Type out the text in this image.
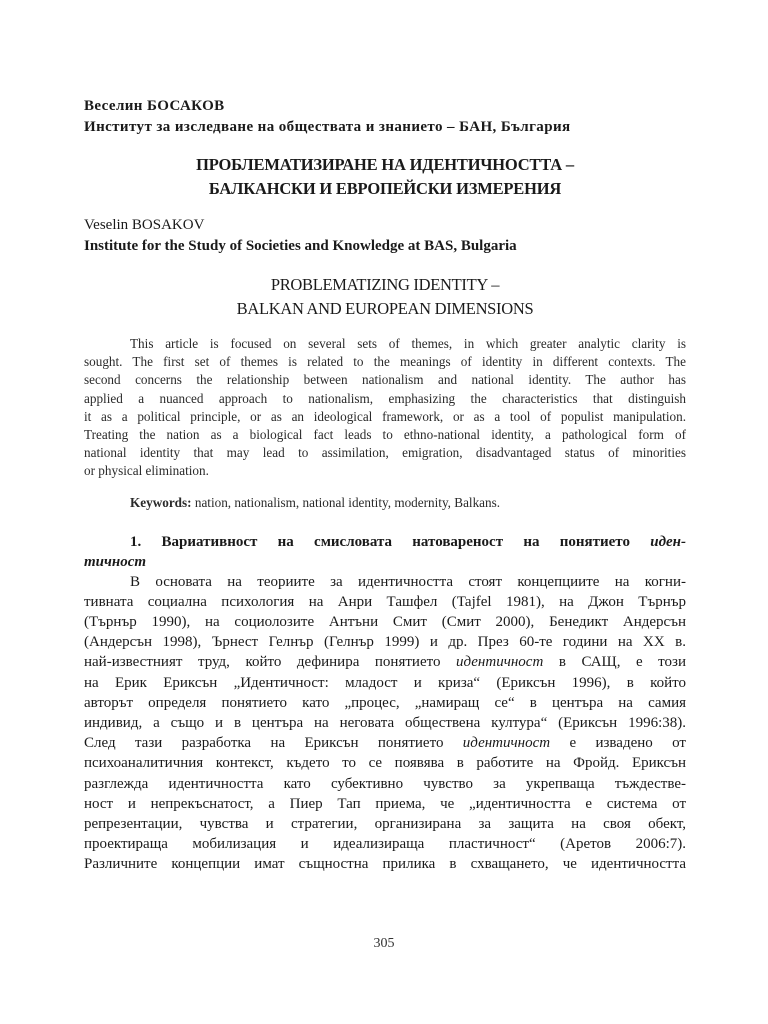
Веселин БОСАКОВ
Институт за изследване на обществата и знанието – БАН, България
ПРОБЛЕМАТИЗИРАНЕ НА ИДЕНТИЧНОСТТА –
БАЛКАНСКИ И ЕВРОПЕЙСКИ ИЗМЕРЕНИЯ
Veselin BOSAKOV
Institute for the Study of Societies and Knowledge at BAS, Bulgaria
PROBLEMATIZING IDENTITY –
BALKAN AND EUROPEAN DIMENSIONS
This article is focused on several sets of themes, in which greater analytic clarity is
sought. The first set of themes is related to the meanings of identity in different contexts. The
second concerns the relationship between nationalism and national identity. The author has
applied a nuanced approach to nationalism, emphasizing the characteristics that distinguish
it as a political principle, or as an ideological framework, or as a tool of populist manipulation.
Treating the nation as a biological fact leads to ethno-national identity, a pathological form of
national identity that may lead to assimilation, emigration, disadvantaged status of minorities
or physical elimination.
Keywords: nation, nationalism, national identity, modernity, Balkans.
1. Вариативност на смисловата натовареност на понятието иден-
тичност
В основата на теориите за идентичността стоят концепциите на когни-
тивната социална психология на Анри Ташфел (Tajfel 1981), на Джон Търнър
(Търнър 1990), на социолозите Антъни Смит (Смит 2000), Бенедикт Андерсън
(Андерсън 1998), Ърнест Гелнър (Гелнър 1999) и др. През 60-те години на XX в.
най-известният труд, който дефинира понятието идентичност в САЩ, е този
на Ерик Ериксън „Идентичност: младост и криза“ (Ериксън 1996), в който
авторът определя понятието като „процес, „намиращ се“ в центъра на самия
индивид, а също и в центъра на неговата обществена култура“ (Ериксън 1996:38).
След тази разработка на Ериксън понятието идентичност е извадено от
психоаналитичния контекст, където то се появява в работите на Фройд. Ериксън
разглежда идентичността като субективно чувство за укрепваща тъждестве-
ност и непрекъснатост, а Пиер Тап приема, че „идентичността е система от
репрезентации, чувства и стратегии, организирана за защита на своя обект,
проектираща мобилизация и идеализираща пластичност“ (Аретов 2006:7).
Различните концепции имат същностна прилика в схващането, че идентичността
305
